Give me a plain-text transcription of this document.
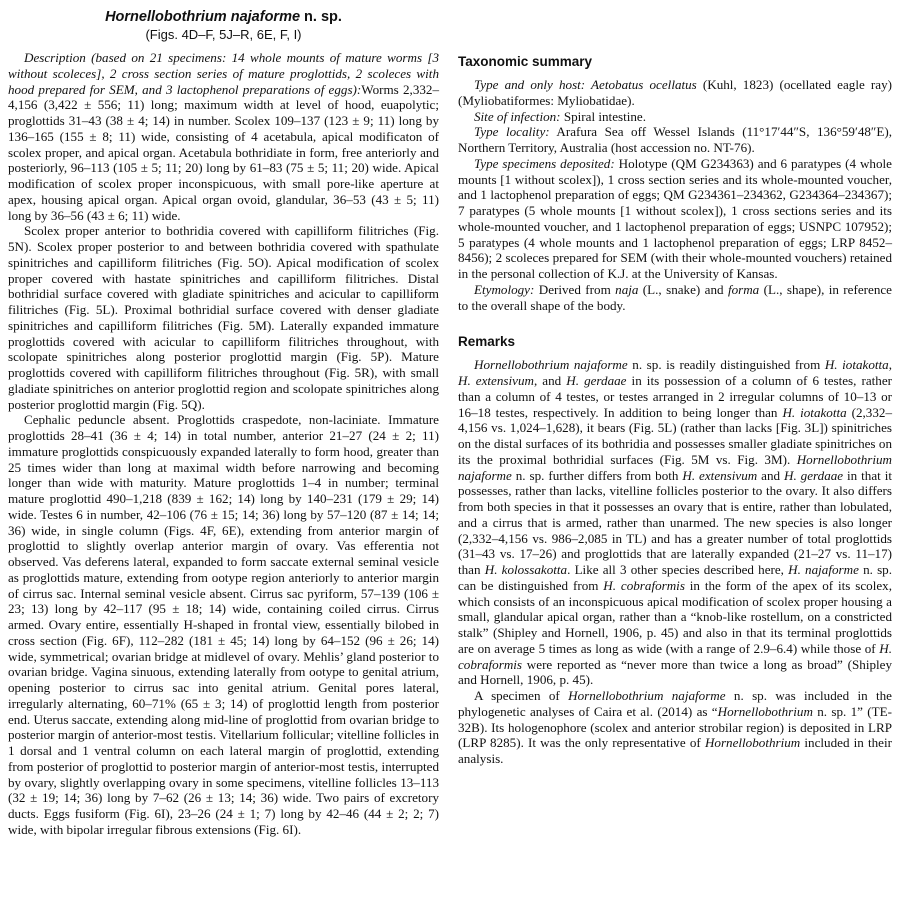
Hornellobothrium najaforme n. sp.
(Figs. 4D–F, 5J–R, 6E, F, I)

Description (based on 21 specimens: 14 whole mounts of mature worms [3 without scoleces], 2 cross section series of mature proglottids, 2 scoleces with hood prepared for SEM, and 3 lactophenol preparations of eggs):Worms 2,332–4,156 (3,422 ± 556; 11) long; maximum width at level of hood, euapolytic; proglottids 31–43 (38 ± 4; 14) in number. Scolex 109–137 (123 ± 9; 11) long by 136–165 (155 ± 8; 11) wide, consisting of 4 acetabula, apical modificaton of scolex proper, and apical organ. Acetabula bothridiate in form, free anteriorly and posteriorly, 96–113 (105 ± 5; 11; 20) long by 61–83 (75 ± 5; 11; 20) wide. Apical modification of scolex proper inconspicuous, with small pore-like aperture at apex, housing apical organ. Apical organ ovoid, glandular, 36–53 (43 ± 5; 11) long by 36–56 (43 ± 6; 11) wide.

Scolex proper anterior to bothridia covered with capilliform filitriches (Fig. 5N). Scolex proper posterior to and between bothridia covered with spathulate spinitriches and capilliform filitriches (Fig. 5O). Apical modification of scolex proper covered with hastate spinitriches and capilliform filitriches. Distal bothridial surface covered with gladiate spinitriches and acicular to capilliform filitriches (Fig. 5L). Proximal bothridial surface covered with denser gladiate spinitriches and capilliform filitriches (Fig. 5M). Laterally expanded immature proglottids covered with acicular to capilliform filitriches throughout, with scolopate spinitriches along posterior proglottid margin (Fig. 5P). Mature proglottids covered with capilliform filitriches throughout (Fig. 5R), with small gladiate spinitriches on anterior proglottid region and scolopate spinitriches along posterior proglottid margin (Fig. 5Q).

Cephalic peduncle absent. Proglottids craspedote, non-laciniate. Immature proglottids 28–41 (36 ± 4; 14) in total number, anterior 21–27 (24 ± 2; 11) immature proglottids conspicuously expanded laterally to form hood, greater than 25 times wider than long at maximal width before narrowing and becoming longer than wide with maturity. Mature proglottids 1–4 in number; terminal mature proglottid 490–1,218 (839 ± 162; 14) long by 140–231 (179 ± 29; 14) wide. Testes 6 in number, 42–106 (76 ± 15; 14; 36) long by 57–120 (87 ± 14; 14; 36) wide, in single column (Figs. 4F, 6E), extending from anterior margin of proglottid to slightly overlap anterior margin of ovary. Vas efferentia not observed. Vas deferens lateral, expanded to form saccate external seminal vesicle as proglottids mature, extending from ootype region anteriorly to anterior margin of cirrus sac. Internal seminal vesicle absent. Cirrus sac pyriform, 57–139 (106 ± 23; 13) long by 42–117 (95 ± 18; 14) wide, containing coiled cirrus. Cirrus armed. Ovary entire, essentially H-shaped in frontal view, essentially bilobed in cross section (Fig. 6F), 112–282 (181 ± 45; 14) long by 64–152 (96 ± 26; 14) wide, symmetrical; ovarian bridge at midlevel of ovary. Mehlis’ gland posterior to ovarian bridge. Vagina sinuous, extending laterally from ootype to genital atrium, opening posterior to cirrus sac into genital atrium. Genital pores lateral, irregularly alternating, 60–71% (65 ± 3; 14) of proglottid length from posterior end. Uterus saccate, extending along mid-line of proglottid from ovarian bridge to posterior margin of anterior-most testis. Vitellarium follicular; vitelline follicles in 1 dorsal and 1 ventral column on each lateral margin of proglottid, extending from posterior of proglottid to posterior margin of anterior-most testis, interrupted by ovary, slightly overlapping ovary in some specimens, vitelline follicles 13–113 (32 ± 19; 14; 36) long by 7–62 (26 ± 13; 14; 36) wide. Two pairs of excretory ducts. Eggs fusiform (Fig. 6I), 23–26 (24 ± 1; 7) long by 42–46 (44 ± 2; 2; 7) wide, with bipolar irregular fibrous extensions (Fig. 6I).

Taxonomic summary

Type and only host: Aetobatus ocellatus (Kuhl, 1823) (ocellated eagle ray) (Myliobatiformes: Myliobatidae).

Site of infection: Spiral intestine.

Type locality: Arafura Sea off Wessel Islands (11°17′44″S, 136°59′48″E), Northern Territory, Australia (host accession no. NT-76).

Type specimens deposited: Holotype (QM G234363) and 6 paratypes (4 whole mounts [1 without scolex]), 1 cross section series and its whole-mounted voucher, and 1 lactophenol preparation of eggs; QM G234361–234362, G234364–234367); 7 paratypes (5 whole mounts [1 without scolex]), 1 cross sections series and its whole-mounted voucher, and 1 lactophenol preparation of eggs; USNPC 107952); 5 paratypes (4 whole mounts and 1 lactophenol preparation of eggs; LRP 8452–8456); 2 scoleces prepared for SEM (with their whole-mounted vouchers) retained in the personal collection of K.J. at the University of Kansas.

Etymology: Derived from naja (L., snake) and forma (L., shape), in reference to the overall shape of the body.

Remarks

Hornellobothrium najaforme n. sp. is readily distinguished from H. iotakotta, H. extensivum, and H. gerdaae in its possession of a column of 6 testes, rather than a column of 4 testes, or testes arranged in 2 irregular columns of 10–13 or 16–18 testes, respectively. In addition to being longer than H. iotakotta (2,332–4,156 vs. 1,024–1,628), it bears (Fig. 5L) (rather than lacks [Fig. 3L]) spinitriches on the distal surfaces of its bothridia and possesses smaller gladiate spinitriches on its the proximal bothridial surfaces (Fig. 5M vs. Fig. 3M). Hornellobothrium najaforme n. sp. further differs from both H. extensivum and H. gerdaae in that it possesses, rather than lacks, vitelline follicles posterior to the ovary. It also differs from both species in that it possesses an ovary that is entire, rather than lobulated, and a cirrus that is armed, rather than unarmed. The new species is also longer (2,332–4,156 vs. 986–2,085 in TL) and has a greater number of total proglottids (31–43 vs. 17–26) and proglottids that are laterally expanded (21–27 vs. 11–17) than H. kolossakotta. Like all 3 other species described here, H. najaforme n. sp. can be distinguished from H. cobraformis in the form of the apex of its scolex, which consists of an inconspicuous apical modification of scolex proper housing a small, glandular apical organ, rather than a “knob-like rostellum, on a constricted stalk” (Shipley and Hornell, 1906, p. 45) and also in that its terminal proglottids are on average 5 times as long as wide (with a range of 2.9–6.4) while those of H. cobraformis were reported as “never more than twice a long as broad” (Shipley and Hornell, 1906, p. 45).

A specimen of Hornellobothrium najaforme n. sp. was included in the phylogenetic analyses of Caira et al. (2014) as “Hornellobothrium n. sp. 1” (TE-32B). Its hologenophore (scolex and anterior strobilar region) is deposited in LRP (LRP 8285). It was the only representative of Hornellobothrium included in their analysis.
